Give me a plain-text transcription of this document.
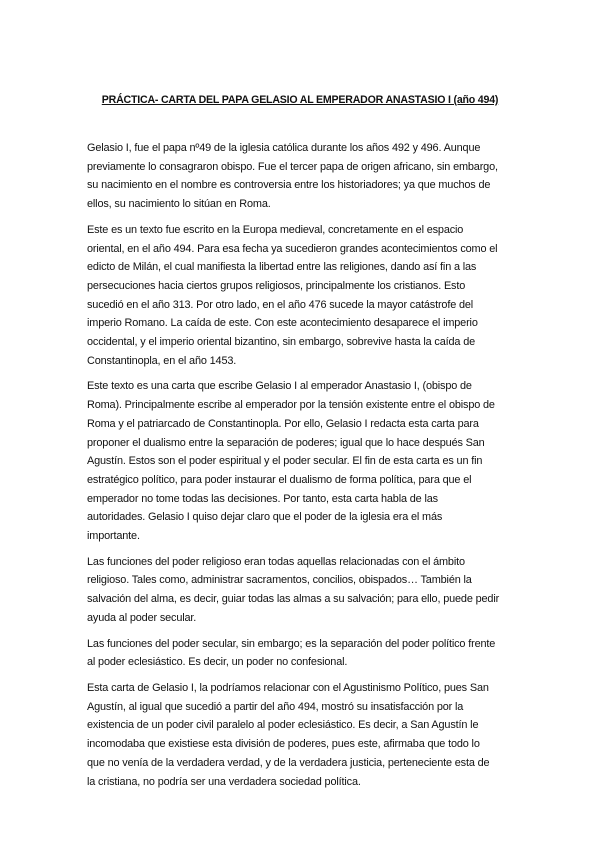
PRÁCTICA- CARTA DEL PAPA GELASIO AL EMPERADOR ANASTASIO I (año 494)

Gelasio I, fue el papa nº49 de la iglesia católica durante los años 492 y 496. Aunque
previamente lo consagraron obispo. Fue el tercer papa de origen africano, sin embargo,
su nacimiento en el nombre es controversia entre los historiadores; ya que muchos de
ellos, su nacimiento lo sitúan en Roma.

Este es un texto fue escrito en la Europa medieval, concretamente en el espacio
oriental, en el año 494. Para esa fecha ya sucedieron grandes acontecimientos como el
edicto de Milán, el cual manifiesta la libertad entre las religiones, dando así fin a las
persecuciones hacia ciertos grupos religiosos, principalmente los cristianos. Esto
sucedió en el año 313. Por otro lado, en el año 476 sucede la mayor catástrofe del
imperio Romano. La caída de este. Con este acontecimiento desaparece el imperio
occidental, y el imperio oriental bizantino, sin embargo, sobrevive hasta la caída de
Constantinopla, en el año 1453.

Este texto es una carta que escribe Gelasio I al emperador Anastasio I, (obispo de
Roma). Principalmente escribe al emperador por la tensión existente entre el obispo de
Roma y el patriarcado de Constantinopla. Por ello, Gelasio I redacta esta carta para
proponer el dualismo entre la separación de poderes; igual que lo hace después San
Agustín. Estos son el poder espiritual y el poder secular. El fin de esta carta es un fin
estratégico político, para poder instaurar el dualismo de forma política, para que el
emperador no tome todas las decisiones. Por tanto, esta carta habla de las
autoridades. Gelasio I quiso dejar claro que el poder de la iglesia era el más
importante.

Las funciones del poder religioso eran todas aquellas relacionadas con el ámbito
religioso. Tales como, administrar sacramentos, concilios, obispados… También la
salvación del alma, es decir, guiar todas las almas a su salvación; para ello, puede pedir
ayuda al poder secular.

Las funciones del poder secular, sin embargo; es la separación del poder político frente
al poder eclesiástico. Es decir, un poder no confesional.

Esta carta de Gelasio I, la podríamos relacionar con el Agustinismo Político, pues San
Agustín, al igual que sucedió a partir del año 494, mostró su insatisfacción por la
existencia de un poder civil paralelo al poder eclesiástico. Es decir, a San Agustín le
incomodaba que existiese esta división de poderes, pues este, afirmaba que todo lo
que no venía de la verdadera verdad, y de la verdadera justicia, perteneciente esta de
la cristiana, no podría ser una verdadera sociedad política.
